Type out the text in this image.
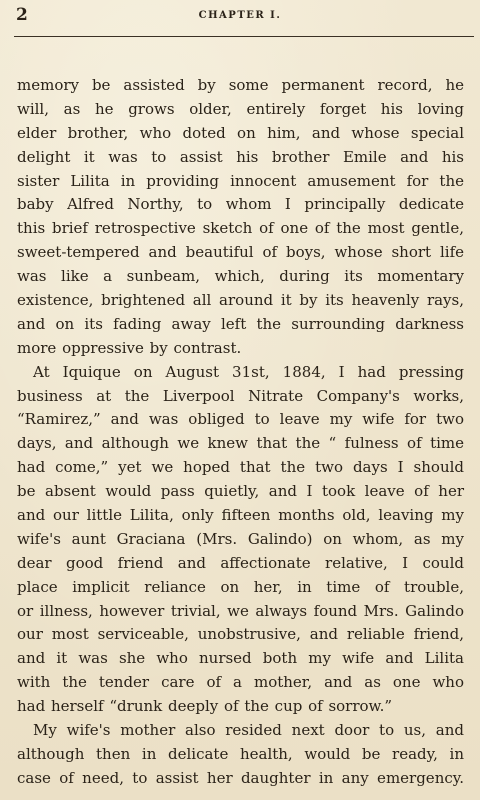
2	CHAPTER I.
memory be assisted by some permanent record, he
will, as he grows older, entirely forget his loving
elder brother, who doted on him, and whose special
delight it was to assist his brother Emile and his
sister Lilita in providing innocent amusement for the
baby Alfred Northy, to whom I principally dedicate
this brief retrospective sketch of one of the most gentle,
sweet-tempered and beautiful of boys, whose short life
was like a sunbeam, which, during its momentary
existence, brightened all around it by its heavenly rays,
and on its fading away left the surrounding darkness
more oppressive by contrast.
At Iquique on August 31st, 1884, I had pressing
business at the Liverpool Nitrate Company's works,
“Ramirez,” and was obliged to leave my wife for two
days, and although we knew that the “ fulness of time
had come,” yet we hoped that the two days I should
be absent would pass quietly, and I took leave of her
and our little Lilita, only fifteen months old, leaving my
wife's aunt Graciana (Mrs. Galindo) on whom, as my
dear good friend and affectionate relative, I could
place implicit reliance on her, in time of trouble,
or illness, however trivial, we always found Mrs. Galindo
our most serviceable, unobstrusive, and reliable friend,
and it was she who nursed both my wife and Lilita
with the tender care of a mother, and as one who
had herself “drunk deeply of the cup of sorrow.”
My wife's mother also resided next door to us, and
although then in delicate health, would be ready, in
case of need, to assist her daughter in any emergency.
